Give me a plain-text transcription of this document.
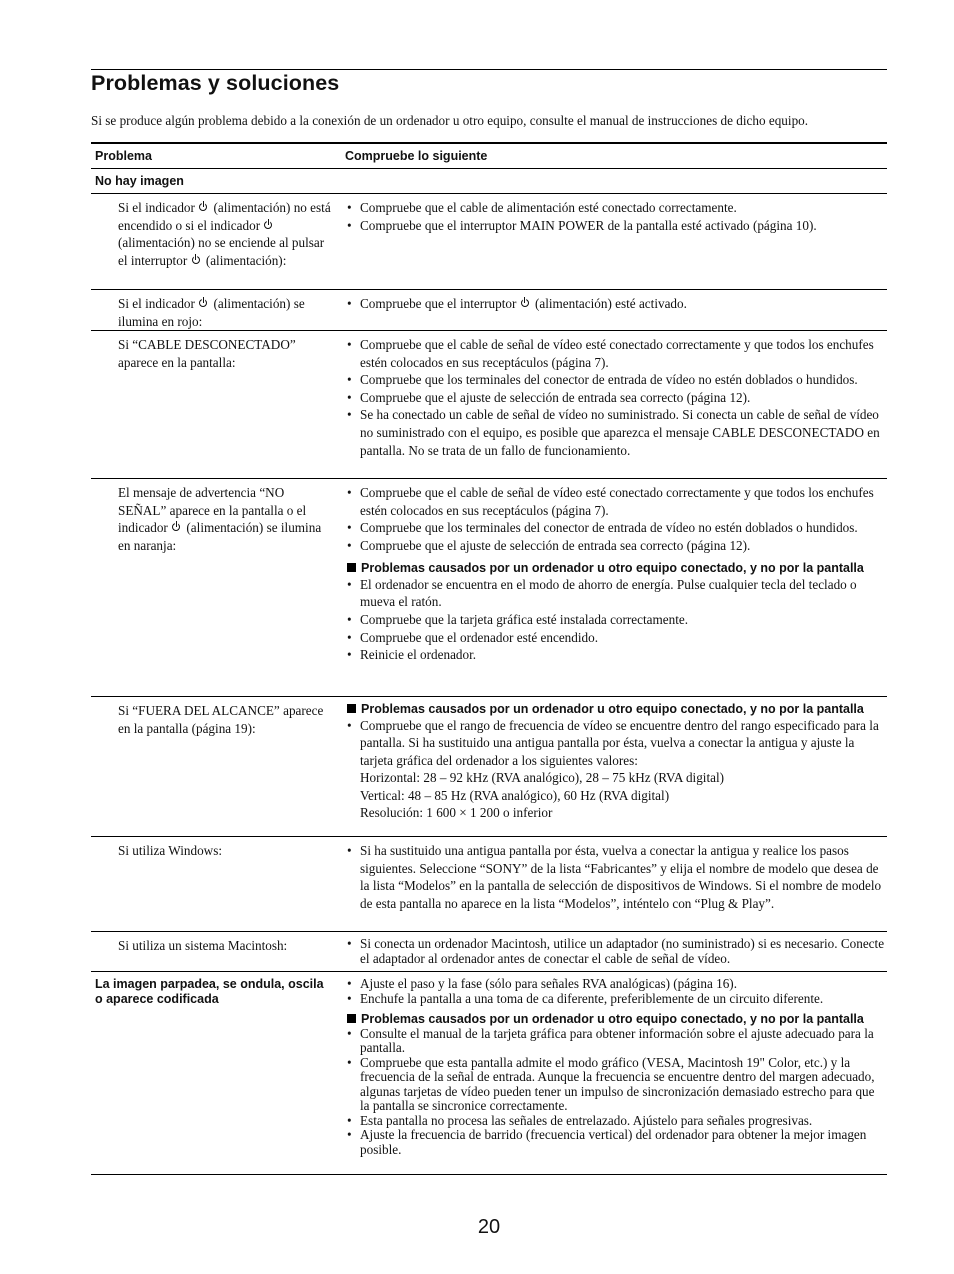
Problemas y soluciones

Si se produce algún problema debido a la conexión de un ordenador u otro equipo, consulte el manual de instrucciones de dicho equipo.

Problema	Compruebe lo siguiente
No hay imagen
Si el indicador  (alimentación) no está encendido o si el indicador  (alimentación) no se enciende al pulsar el interruptor  (alimentación):
• Compruebe que el cable de alimentación esté conectado correctamente.
• Compruebe que el interruptor MAIN POWER de la pantalla esté activado (página 10).
Si el indicador  (alimentación) se ilumina en rojo:
• Compruebe que el interruptor  (alimentación) esté activado.
Si “CABLE DESCONECTADO” aparece en la pantalla:
• Compruebe que el cable de señal de vídeo esté conectado correctamente y que todos los enchufes estén colocados en sus receptáculos (página 7).
• Compruebe que los terminales del conector de entrada de vídeo no estén doblados o hundidos.
• Compruebe que el ajuste de selección de entrada sea correcto (página 12).
• Se ha conectado un cable de señal de vídeo no suministrado. Si conecta un cable de señal de vídeo no suministrado con el equipo, es posible que aparezca el mensaje CABLE DESCONECTADO en pantalla. No se trata de un fallo de funcionamiento.
El mensaje de advertencia “NO SEÑAL” aparece en la pantalla o el indicador  (alimentación) se ilumina en naranja:
• Compruebe que el cable de señal de vídeo esté conectado correctamente y que todos los enchufes estén colocados en sus receptáculos (página 7).
• Compruebe que los terminales del conector de entrada de vídeo no estén doblados o hundidos.
• Compruebe que el ajuste de selección de entrada sea correcto (página 12).
Problemas causados por un ordenador u otro equipo conectado, y no por la pantalla
• El ordenador se encuentra en el modo de ahorro de energía. Pulse cualquier tecla del teclado o mueva el ratón.
• Compruebe que la tarjeta gráfica esté instalada correctamente.
• Compruebe que el ordenador esté encendido.
• Reinicie el ordenador.
Si “FUERA DEL ALCANCE” aparece en la pantalla (página 19):
Problemas causados por un ordenador u otro equipo conectado, y no por la pantalla
• Compruebe que el rango de frecuencia de vídeo se encuentre dentro del rango especificado para la pantalla. Si ha sustituido una antigua pantalla por ésta, vuelva a conectar la antigua y ajuste la tarjeta gráfica del ordenador a los siguientes valores:
Horizontal: 28 – 92 kHz (RVA analógico), 28 – 75 kHz (RVA digital)
Vertical: 48 – 85 Hz (RVA analógico), 60 Hz (RVA digital)
Resolución: 1 600 × 1 200 o inferior
Si utiliza Windows:	• Si ha sustituido una antigua pantalla por ésta, vuelva a conectar la antigua y realice los pasos siguientes. Seleccione “SONY” de la lista “Fabricantes” y elija el nombre de modelo que desea de la lista “Modelos” en la pantalla de selección de dispositivos de Windows. Si el nombre de modelo de esta pantalla no aparece en la lista “Modelos”, inténtelo con “Plug & Play”.
Si utiliza un sistema Macintosh:	• Si conecta un ordenador Macintosh, utilice un adaptador (no suministrado) si es necesario. Conecte el adaptador al ordenador antes de conectar el cable de señal de vídeo.
La imagen parpadea, se ondula, oscila o aparece codificada
• Ajuste el paso y la fase (sólo para señales RVA analógicas) (página 16).
• Enchufe la pantalla a una toma de ca diferente, preferiblemente de un circuito diferente.
Problemas causados por un ordenador u otro equipo conectado, y no por la pantalla
• Consulte el manual de la tarjeta gráfica para obtener información sobre el ajuste adecuado para la pantalla.
• Compruebe que esta pantalla admite el modo gráfico (VESA, Macintosh 19" Color, etc.) y la frecuencia de la señal de entrada. Aunque la frecuencia se encuentre dentro del margen adecuado, algunas tarjetas de vídeo pueden tener un impulso de sincronización demasiado estrecho para que la pantalla se sincronice correctamente.
• Esta pantalla no procesa las señales de entrelazado. Ajústelo para señales progresivas.
• Ajuste la frecuencia de barrido (frecuencia vertical) del ordenador para obtener la mejor imagen posible.

20
